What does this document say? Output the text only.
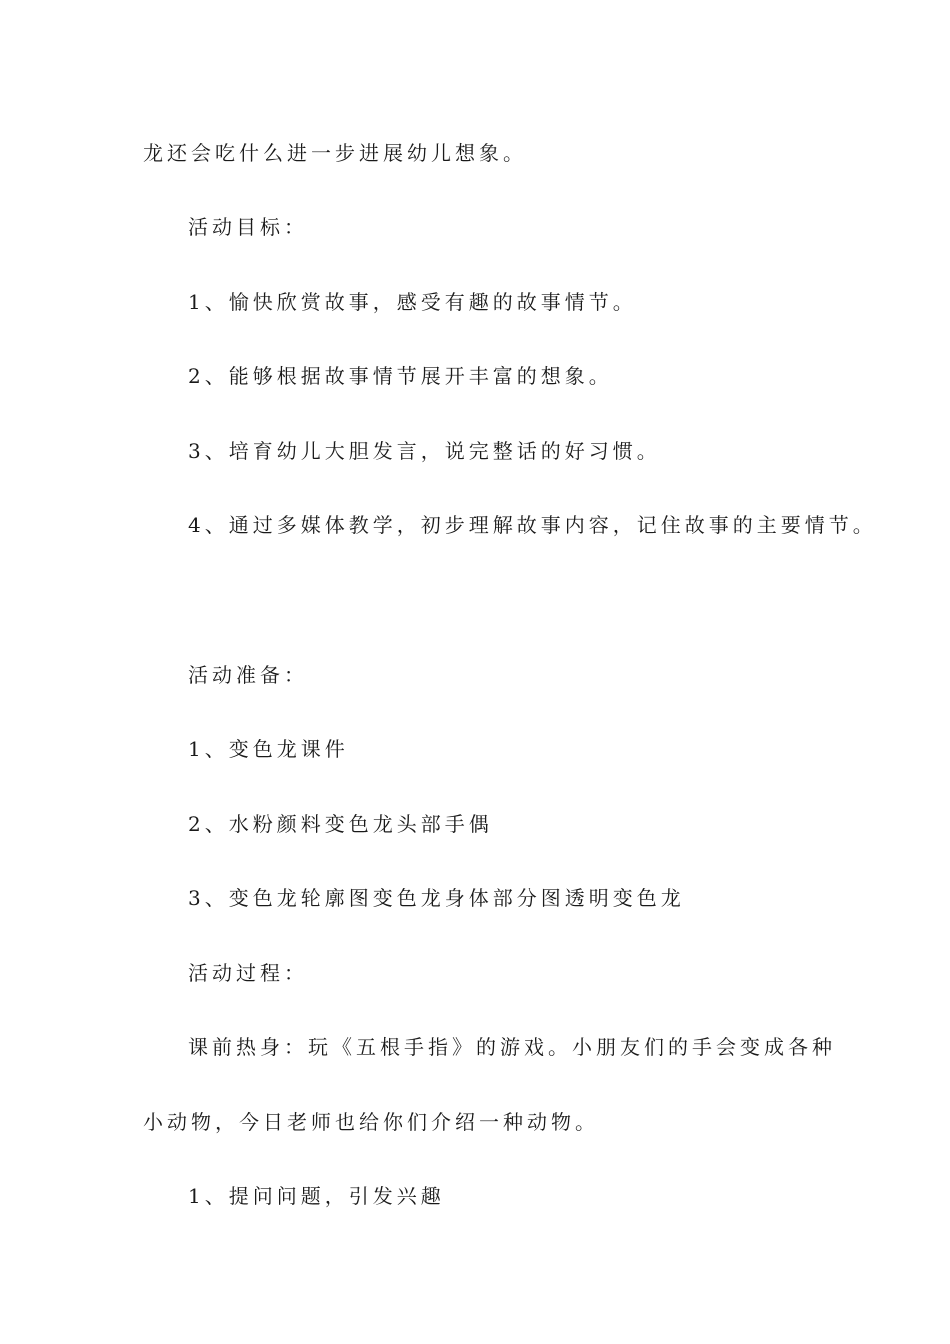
龙还会吃什么进一步进展幼儿想象。
活动目标：
1、愉快欣赏故事，感受有趣的故事情节。
2、能够根据故事情节展开丰富的想象。
3、培育幼儿大胆发言，说完整话的好习惯。
4、通过多媒体教学，初步理解故事内容，记住故事的主要情节。
活动准备：
1、变色龙课件
2、水粉颜料变色龙头部手偶
3、变色龙轮廓图变色龙身体部分图透明变色龙
活动过程：
课前热身：玩《五根手指》的游戏。小朋友们的手会变成各种
小动物，今日老师也给你们介绍一种动物。
1、提问问题，引发兴趣
